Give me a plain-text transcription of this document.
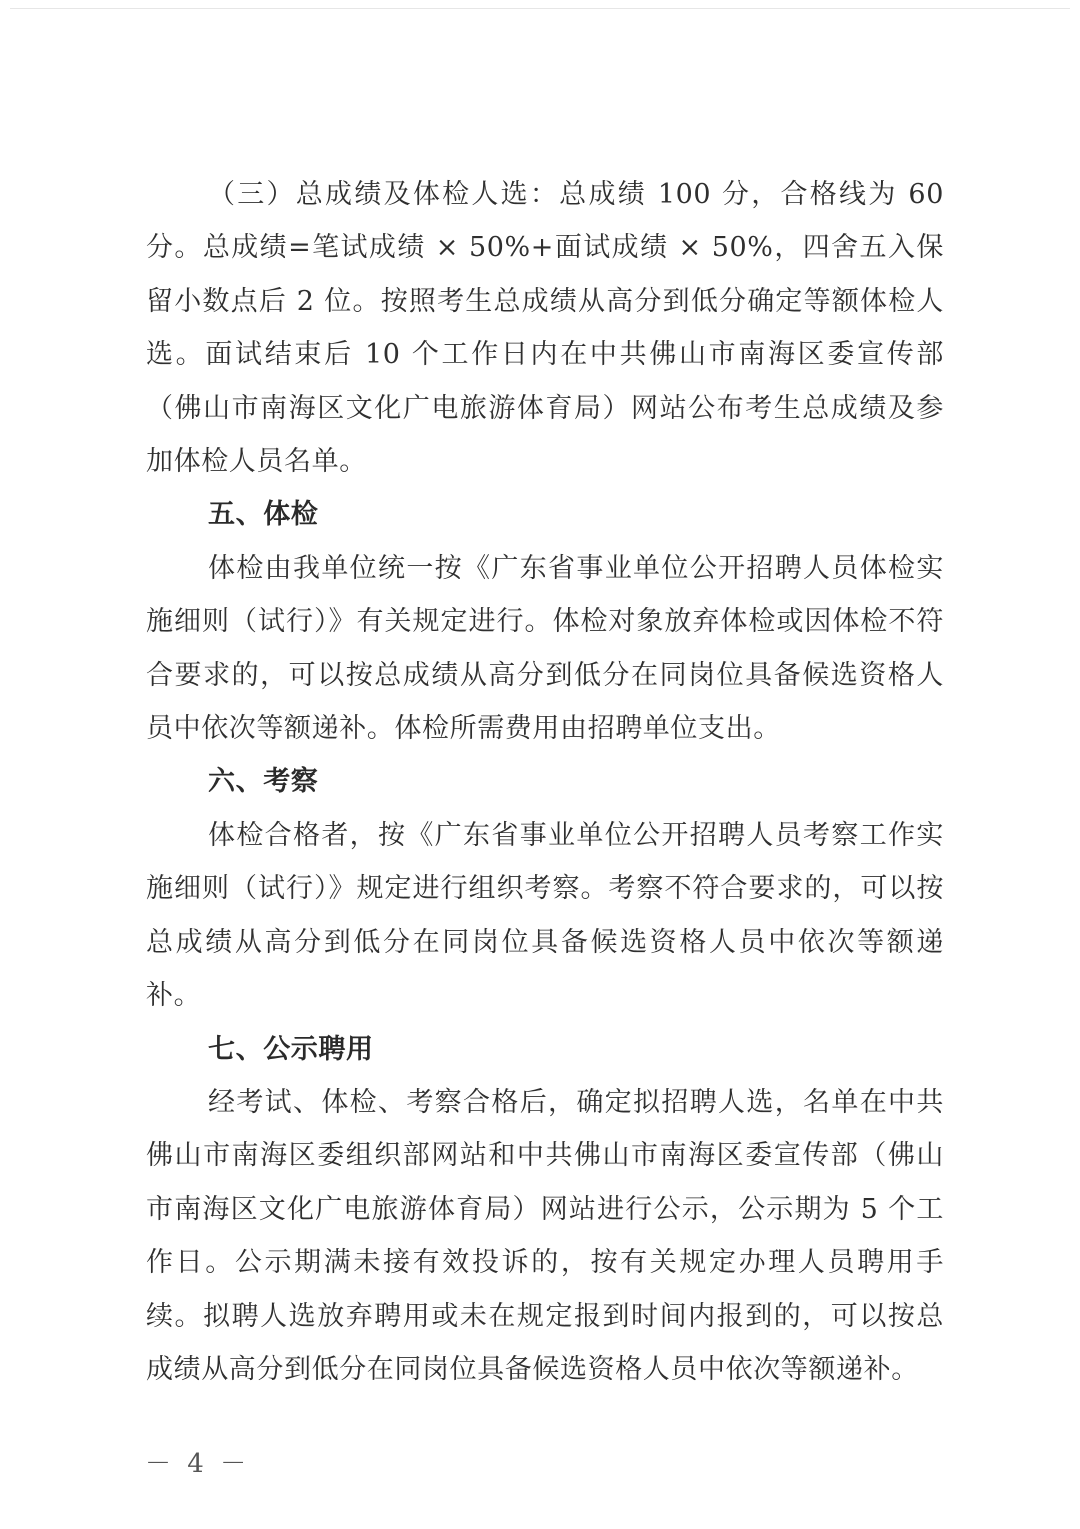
（三）总成绩及体检人选：总成绩 100 分，合格线为 60 分。总成绩=笔试成绩 × 50%+面试成绩 × 50%，四舍五入保留小数点后 2 位。按照考生总成绩从高分到低分确定等额体检人选。面试结束后 10 个工作日内在中共佛山市南海区委宣传部（佛山市南海区文化广电旅游体育局）网站公布考生总成绩及参加体检人员名单。

五、体检

体检由我单位统一按《广东省事业单位公开招聘人员体检实施细则（试行）》有关规定进行。体检对象放弃体检或因体检不符合要求的，可以按总成绩从高分到低分在同岗位具备候选资格人员中依次等额递补。体检所需费用由招聘单位支出。

六、考察

体检合格者，按《广东省事业单位公开招聘人员考察工作实施细则（试行）》规定进行组织考察。考察不符合要求的，可以按总成绩从高分到低分在同岗位具备候选资格人员中依次等额递补。

七、公示聘用

经考试、体检、考察合格后，确定拟招聘人选，名单在中共佛山市南海区委组织部网站和中共佛山市南海区委宣传部（佛山市南海区文化广电旅游体育局）网站进行公示，公示期为 5 个工作日。公示期满未接有效投诉的，按有关规定办理人员聘用手续。拟聘人选放弃聘用或未在规定报到时间内报到的，可以按总成绩从高分到低分在同岗位具备候选资格人员中依次等额递补。

－ 4 －
